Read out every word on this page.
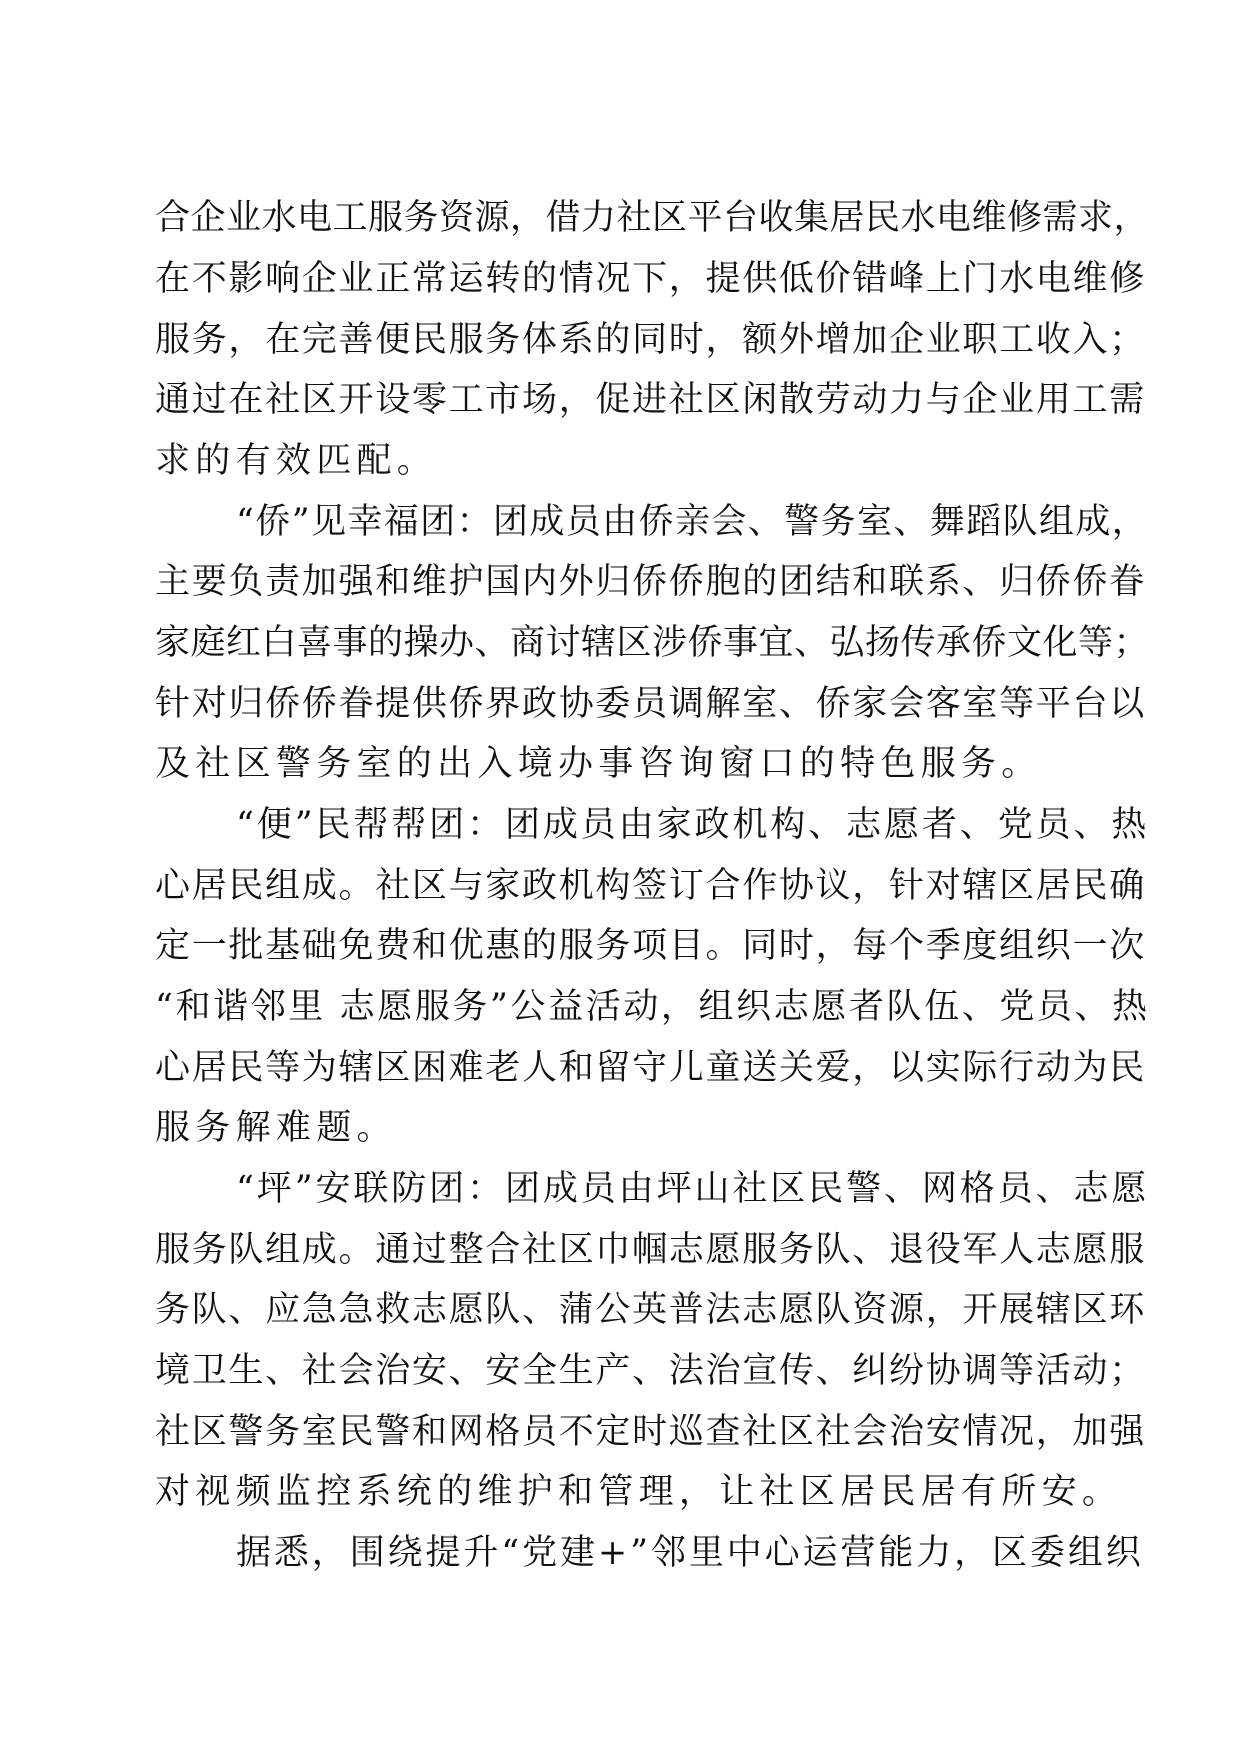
合企业水电工服务资源，借力社区平台收集居民水电维修需求，
在不影响企业正常运转的情况下，提供低价错峰上门水电维修
服务，在完善便民服务体系的同时，额外增加企业职工收入；
通过在社区开设零工市场，促进社区闲散劳动力与企业用工需
求的有效匹配。
“侨”见幸福团：团成员由侨亲会、警务室、舞蹈队组成，
主要负责加强和维护国内外归侨侨胞的团结和联系、归侨侨眷
家庭红白喜事的操办、商讨辖区涉侨事宜、弘扬传承侨文化等；
针对归侨侨眷提供侨界政协委员调解室、侨家会客室等平台以
及社区警务室的出入境办事咨询窗口的特色服务。
“便”民帮帮团：团成员由家政机构、志愿者、党员、热
心居民组成。社区与家政机构签订合作协议，针对辖区居民确
定一批基础免费和优惠的服务项目。同时，每个季度组织一次
“和谐邻里 志愿服务”公益活动，组织志愿者队伍、党员、热
心居民等为辖区困难老人和留守儿童送关爱，以实际行动为民
服务解难题。
“坪”安联防团：团成员由坪山社区民警、网格员、志愿
服务队组成。通过整合社区巾帼志愿服务队、退役军人志愿服
务队、应急急救志愿队、蒲公英普法志愿队资源，开展辖区环
境卫生、社会治安、安全生产、法治宣传、纠纷协调等活动；
社区警务室民警和网格员不定时巡查社区社会治安情况，加强
对视频监控系统的维护和管理，让社区居民居有所安。
据悉，围绕提升“党建+”邻里中心运营能力，区委组织
